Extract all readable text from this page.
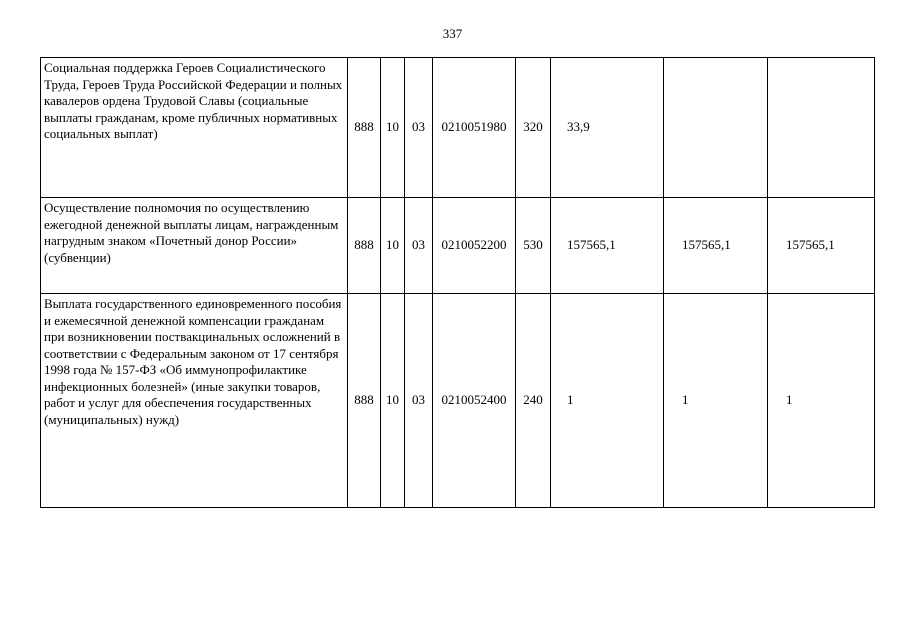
337
Социальная поддержка Героев Социалистического Труда, Героев Труда Российской Федерации и полных кавалеров ордена Трудовой Славы (социальные выплаты гражданам, кроме публичных нормативных социальных выплат)	888	10	03	0210051980	320	33,9		
Осуществление полномочия по осуществлению ежегодной денежной выплаты лицам, награжденным нагрудным знаком «Почетный донор России» (субвенции)	888	10	03	0210052200	530	157565,1	157565,1	157565,1
Выплата государственного единовременного пособия и ежемесячной денежной компенсации гражданам при возникновении поствакцинальных осложнений в соответствии с Федеральным законом от 17 сентября 1998 года № 157-ФЗ «Об иммунопрофилактике инфекционных болезней» (иные закупки товаров, работ и услуг для обеспечения государственных (муниципальных) нужд)	888	10	03	0210052400	240	1	1	1
